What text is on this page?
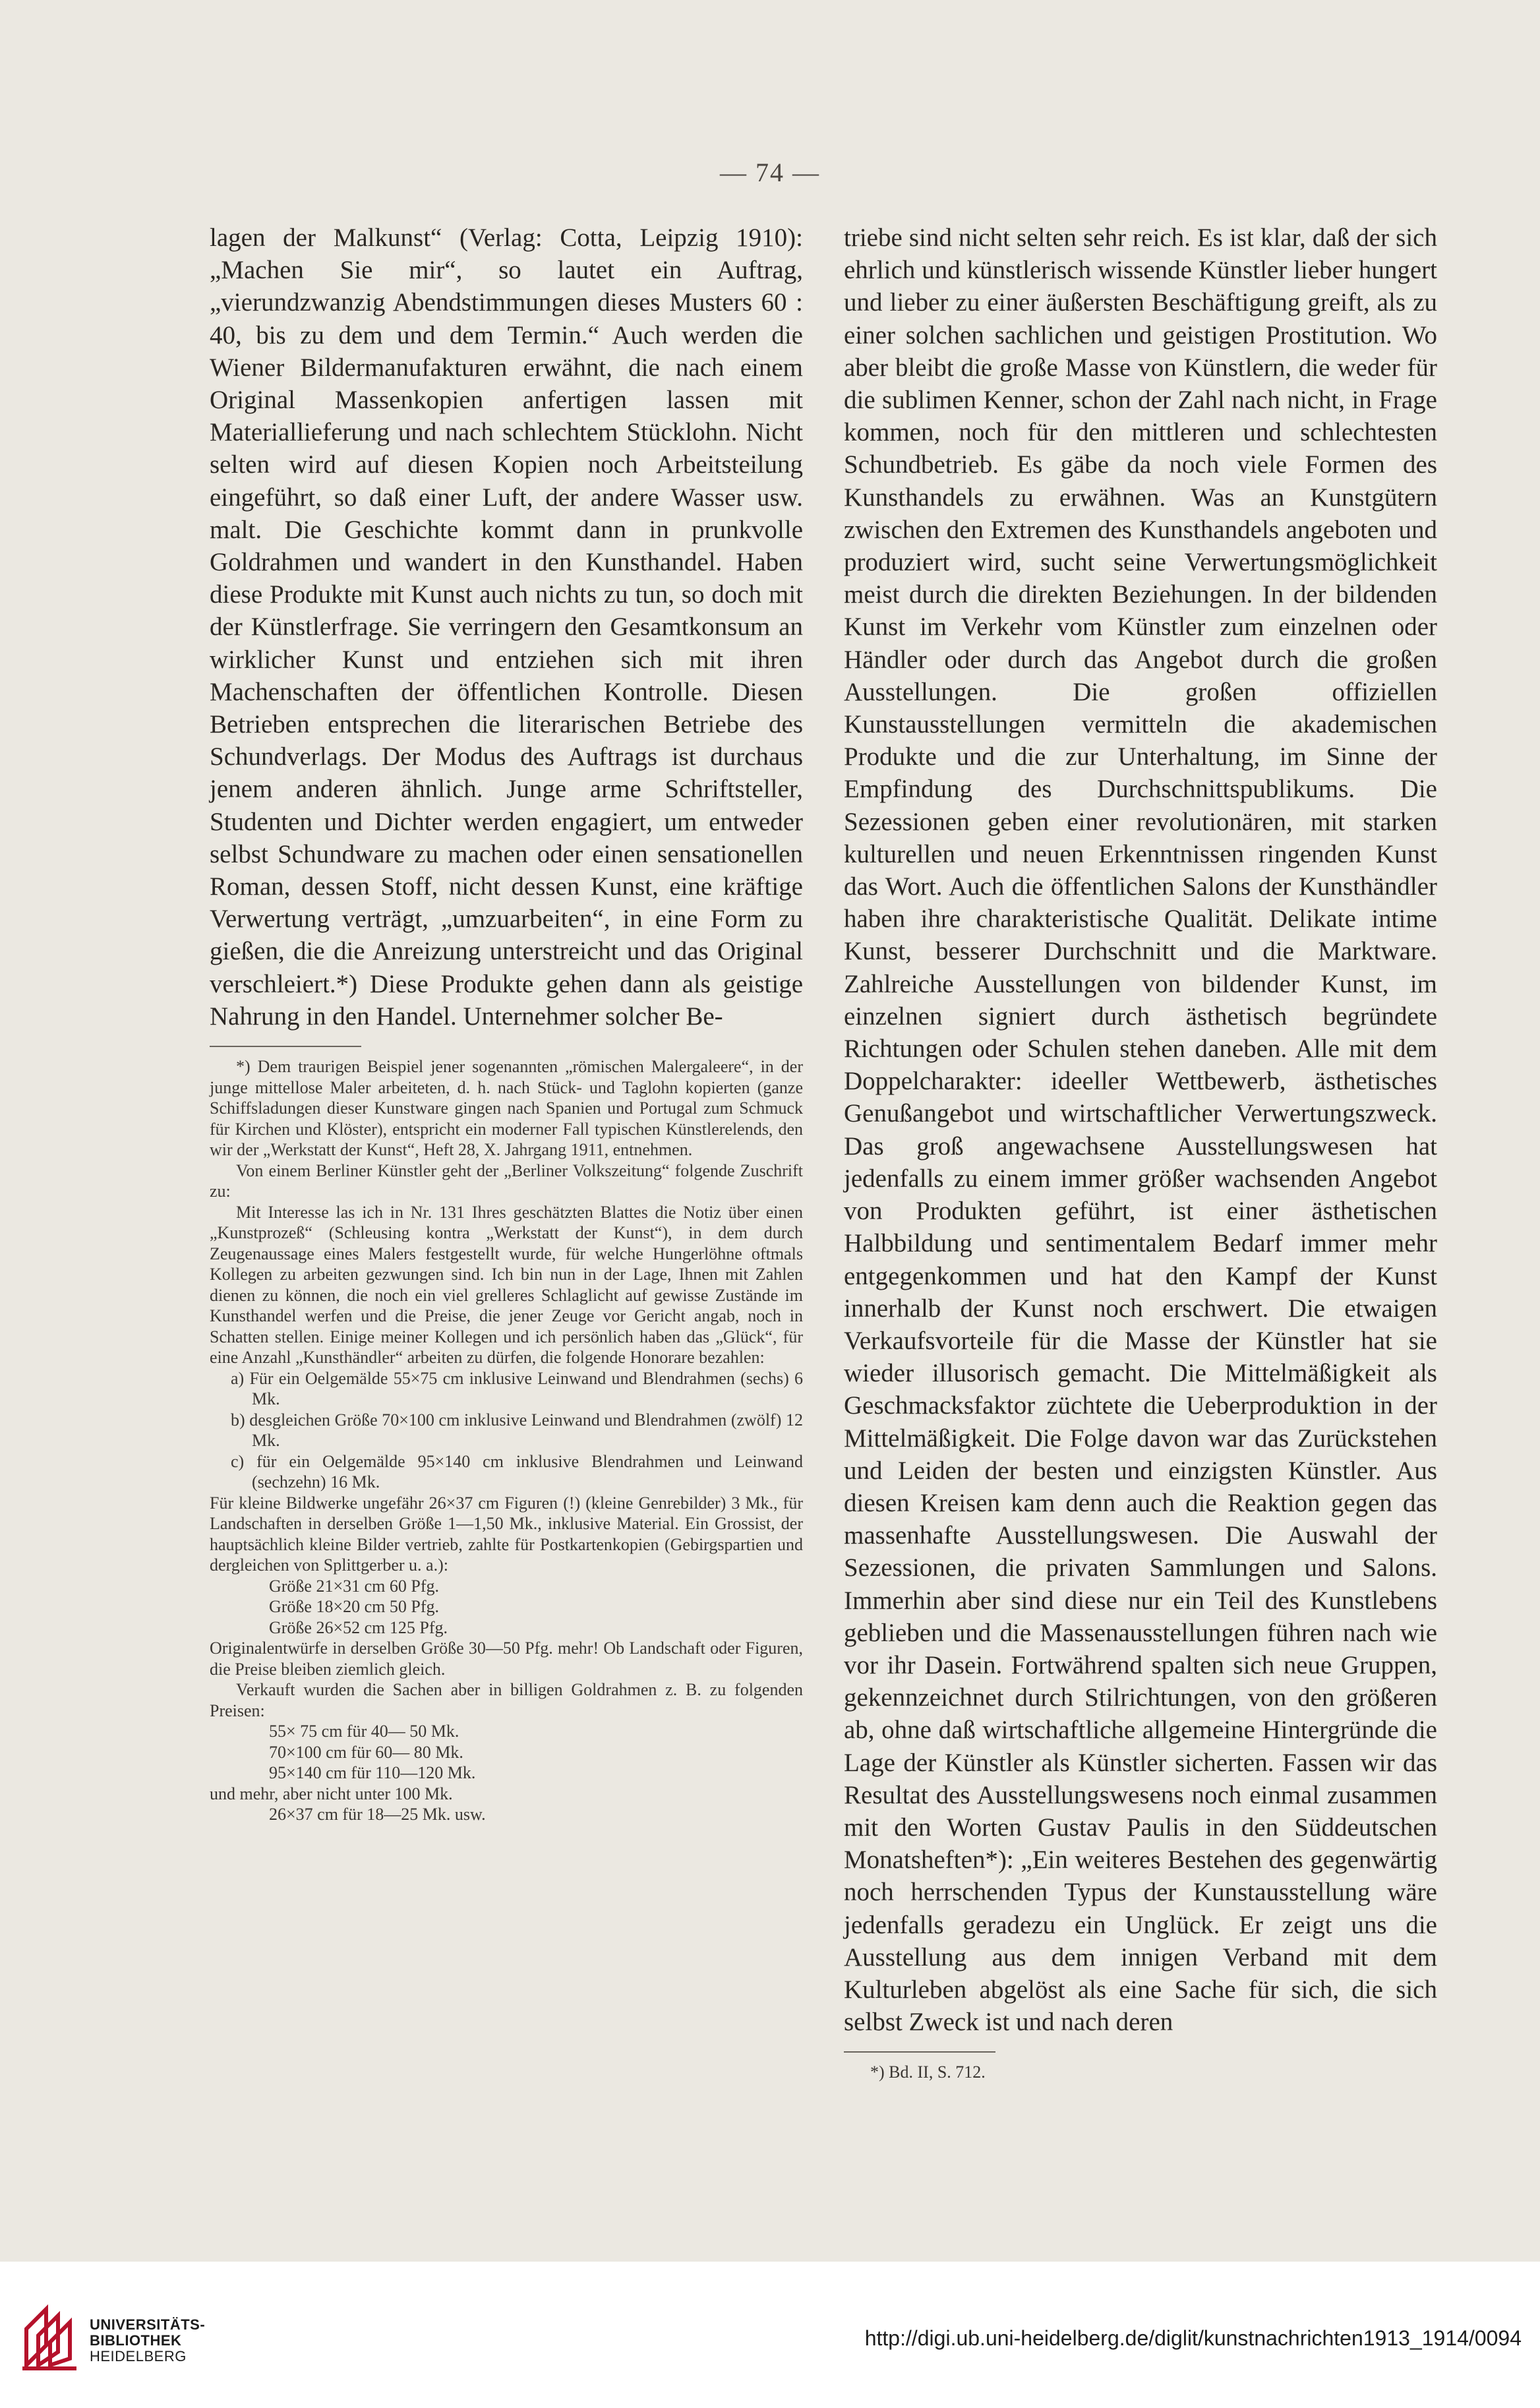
— 74 —
lagen der Malkunst“ (Verlag: Cotta, Leipzig 1910): „Machen Sie mir“, so lautet ein Auftrag, „vierundzwanzig Abendstimmungen dieses Musters 60 : 40, bis zu dem und dem Termin.“ Auch werden die Wiener Bildermanufakturen erwähnt, die nach einem Original Massenkopien anfertigen lassen mit Materiallieferung und nach schlechtem Stücklohn. Nicht selten wird auf diesen Kopien noch Arbeitsteilung eingeführt, so daß einer Luft, der andere Wasser usw. malt. Die Geschichte kommt dann in prunkvolle Goldrahmen und wandert in den Kunsthandel. Haben diese Produkte mit Kunst auch nichts zu tun, so doch mit der Künstlerfrage. Sie verringern den Gesamtkonsum an wirklicher Kunst und entziehen sich mit ihren Machenschaften der öffentlichen Kontrolle. Diesen Betrieben entsprechen die literarischen Betriebe des Schundverlags. Der Modus des Auftrags ist durchaus jenem anderen ähnlich. Junge arme Schriftsteller, Studenten und Dichter werden engagiert, um entweder selbst Schundware zu machen oder einen sensationellen Roman, dessen Stoff, nicht dessen Kunst, eine kräftige Verwertung verträgt, „umzuarbeiten“, in eine Form zu gießen, die die Anreizung unterstreicht und das Original verschleiert.*) Diese Produkte gehen dann als geistige Nahrung in den Handel. Unternehmer solcher Be-

*) Dem traurigen Beispiel jener sogenannten „römischen Malergaleere“, in der junge mittellose Maler arbeiteten, d. h. nach Stück- und Taglohn kopierten (ganze Schiffsladungen dieser Kunstware gingen nach Spanien und Portugal zum Schmuck für Kirchen und Klöster), entspricht ein moderner Fall typischen Künstlerelends, den wir der „Werkstatt der Kunst“, Heft 28, X. Jahrgang 1911, entnehmen.

Von einem Berliner Künstler geht der „Berliner Volkszeitung“ folgende Zuschrift zu:

Mit Interesse las ich in Nr. 131 Ihres geschätzten Blattes die Notiz über einen „Kunstprozeß“ (Schleusing kontra „Werkstatt der Kunst“), in dem durch Zeugenaussage eines Malers festgestellt wurde, für welche Hungerlöhne oftmals Kollegen zu arbeiten gezwungen sind. Ich bin nun in der Lage, Ihnen mit Zahlen dienen zu können, die noch ein viel grelleres Schlaglicht auf gewisse Zustände im Kunsthandel werfen und die Preise, die jener Zeuge vor Gericht angab, noch in Schatten stellen. Einige meiner Kollegen und ich persönlich haben das „Glück“, für eine Anzahl „Kunsthändler“ arbeiten zu dürfen, die folgende Honorare bezahlen:

a) Für ein Oelgemälde 55×75 cm inklusive Leinwand und Blendrahmen (sechs) 6 Mk.

b) desgleichen Größe 70×100 cm inklusive Leinwand und Blendrahmen (zwölf) 12 Mk.

c) für ein Oelgemälde 95×140 cm inklusive Blendrahmen und Leinwand (sechzehn) 16 Mk.

Für kleine Bildwerke ungefähr 26×37 cm Figuren (!) (kleine Genrebilder) 3 Mk., für Landschaften in derselben Größe 1—1,50 Mk., inklusive Material. Ein Grossist, der hauptsächlich kleine Bilder vertrieb, zahlte für Postkartenkopien (Gebirgspartien und dergleichen von Splittgerber u. a.):

Größe 21×31 cm 60 Pfg.

Größe 18×20 cm 50 Pfg.

Größe 26×52 cm 125 Pfg.

Originalentwürfe in derselben Größe 30—50 Pfg. mehr! Ob Landschaft oder Figuren, die Preise bleiben ziemlich gleich.

Verkauft wurden die Sachen aber in billigen Goldrahmen z. B. zu folgenden Preisen:

55× 75 cm für 40— 50 Mk.

70×100 cm für 60— 80 Mk.

95×140 cm für 110—120 Mk.

und mehr, aber nicht unter 100 Mk.

26×37 cm für 18—25 Mk. usw.

triebe sind nicht selten sehr reich. Es ist klar, daß der sich ehrlich und künstlerisch wissende Künstler lieber hungert und lieber zu einer äußersten Beschäftigung greift, als zu einer solchen sachlichen und geistigen Prostitution. Wo aber bleibt die große Masse von Künstlern, die weder für die sublimen Kenner, schon der Zahl nach nicht, in Frage kommen, noch für den mittleren und schlechtesten Schundbetrieb. Es gäbe da noch viele Formen des Kunsthandels zu erwähnen. Was an Kunstgütern zwischen den Extremen des Kunsthandels angeboten und produziert wird, sucht seine Verwertungsmöglichkeit meist durch die direkten Beziehungen. In der bildenden Kunst im Verkehr vom Künstler zum einzelnen oder Händler oder durch das Angebot durch die großen Ausstellungen. Die großen offiziellen Kunstausstellungen vermitteln die akademischen Produkte und die zur Unterhaltung, im Sinne der Empfindung des Durchschnittspublikums. Die Sezessionen geben einer revolutionären, mit starken kulturellen und neuen Erkenntnissen ringenden Kunst das Wort. Auch die öffentlichen Salons der Kunsthändler haben ihre charakteristische Qualität. Delikate intime Kunst, besserer Durchschnitt und die Marktware. Zahlreiche Ausstellungen von bildender Kunst, im einzelnen signiert durch ästhetisch begründete Richtungen oder Schulen stehen daneben. Alle mit dem Doppelcharakter: ideeller Wettbewerb, ästhetisches Genußangebot und wirtschaftlicher Verwertungszweck. Das groß angewachsene Ausstellungswesen hat jedenfalls zu einem immer größer wachsenden Angebot von Produkten geführt, ist einer ästhetischen Halbbildung und sentimentalem Bedarf immer mehr entgegenkommen und hat den Kampf der Kunst innerhalb der Kunst noch erschwert. Die etwaigen Verkaufsvorteile für die Masse der Künstler hat sie wieder illusorisch gemacht. Die Mittelmäßigkeit als Geschmacksfaktor züchtete die Ueberproduktion in der Mittelmäßigkeit. Die Folge davon war das Zurückstehen und Leiden der besten und einzigsten Künstler. Aus diesen Kreisen kam denn auch die Reaktion gegen das massenhafte Ausstellungswesen. Die Auswahl der Sezessionen, die privaten Sammlungen und Salons. Immerhin aber sind diese nur ein Teil des Kunstlebens geblieben und die Massenausstellungen führen nach wie vor ihr Dasein. Fortwährend spalten sich neue Gruppen, gekennzeichnet durch Stilrichtungen, von den größeren ab, ohne daß wirtschaftliche allgemeine Hintergründe die Lage der Künstler als Künstler sicherten. Fassen wir das Resultat des Ausstellungswesens noch einmal zusammen mit den Worten Gustav Paulis in den Süddeutschen Monatsheften*): „Ein weiteres Bestehen des gegenwärtig noch herrschenden Typus der Kunstausstellung wäre jedenfalls geradezu ein Unglück. Er zeigt uns die Ausstellung aus dem innigen Verband mit dem Kulturleben abgelöst als eine Sache für sich, die sich selbst Zweck ist und nach deren
*) Bd. II, S. 712.
UNIVERSITÄTS-
BIBLIOTHEK
HEIDELBERG
http://digi.ub.uni-heidelberg.de/diglit/kunstnachrichten1913_1914/0094
